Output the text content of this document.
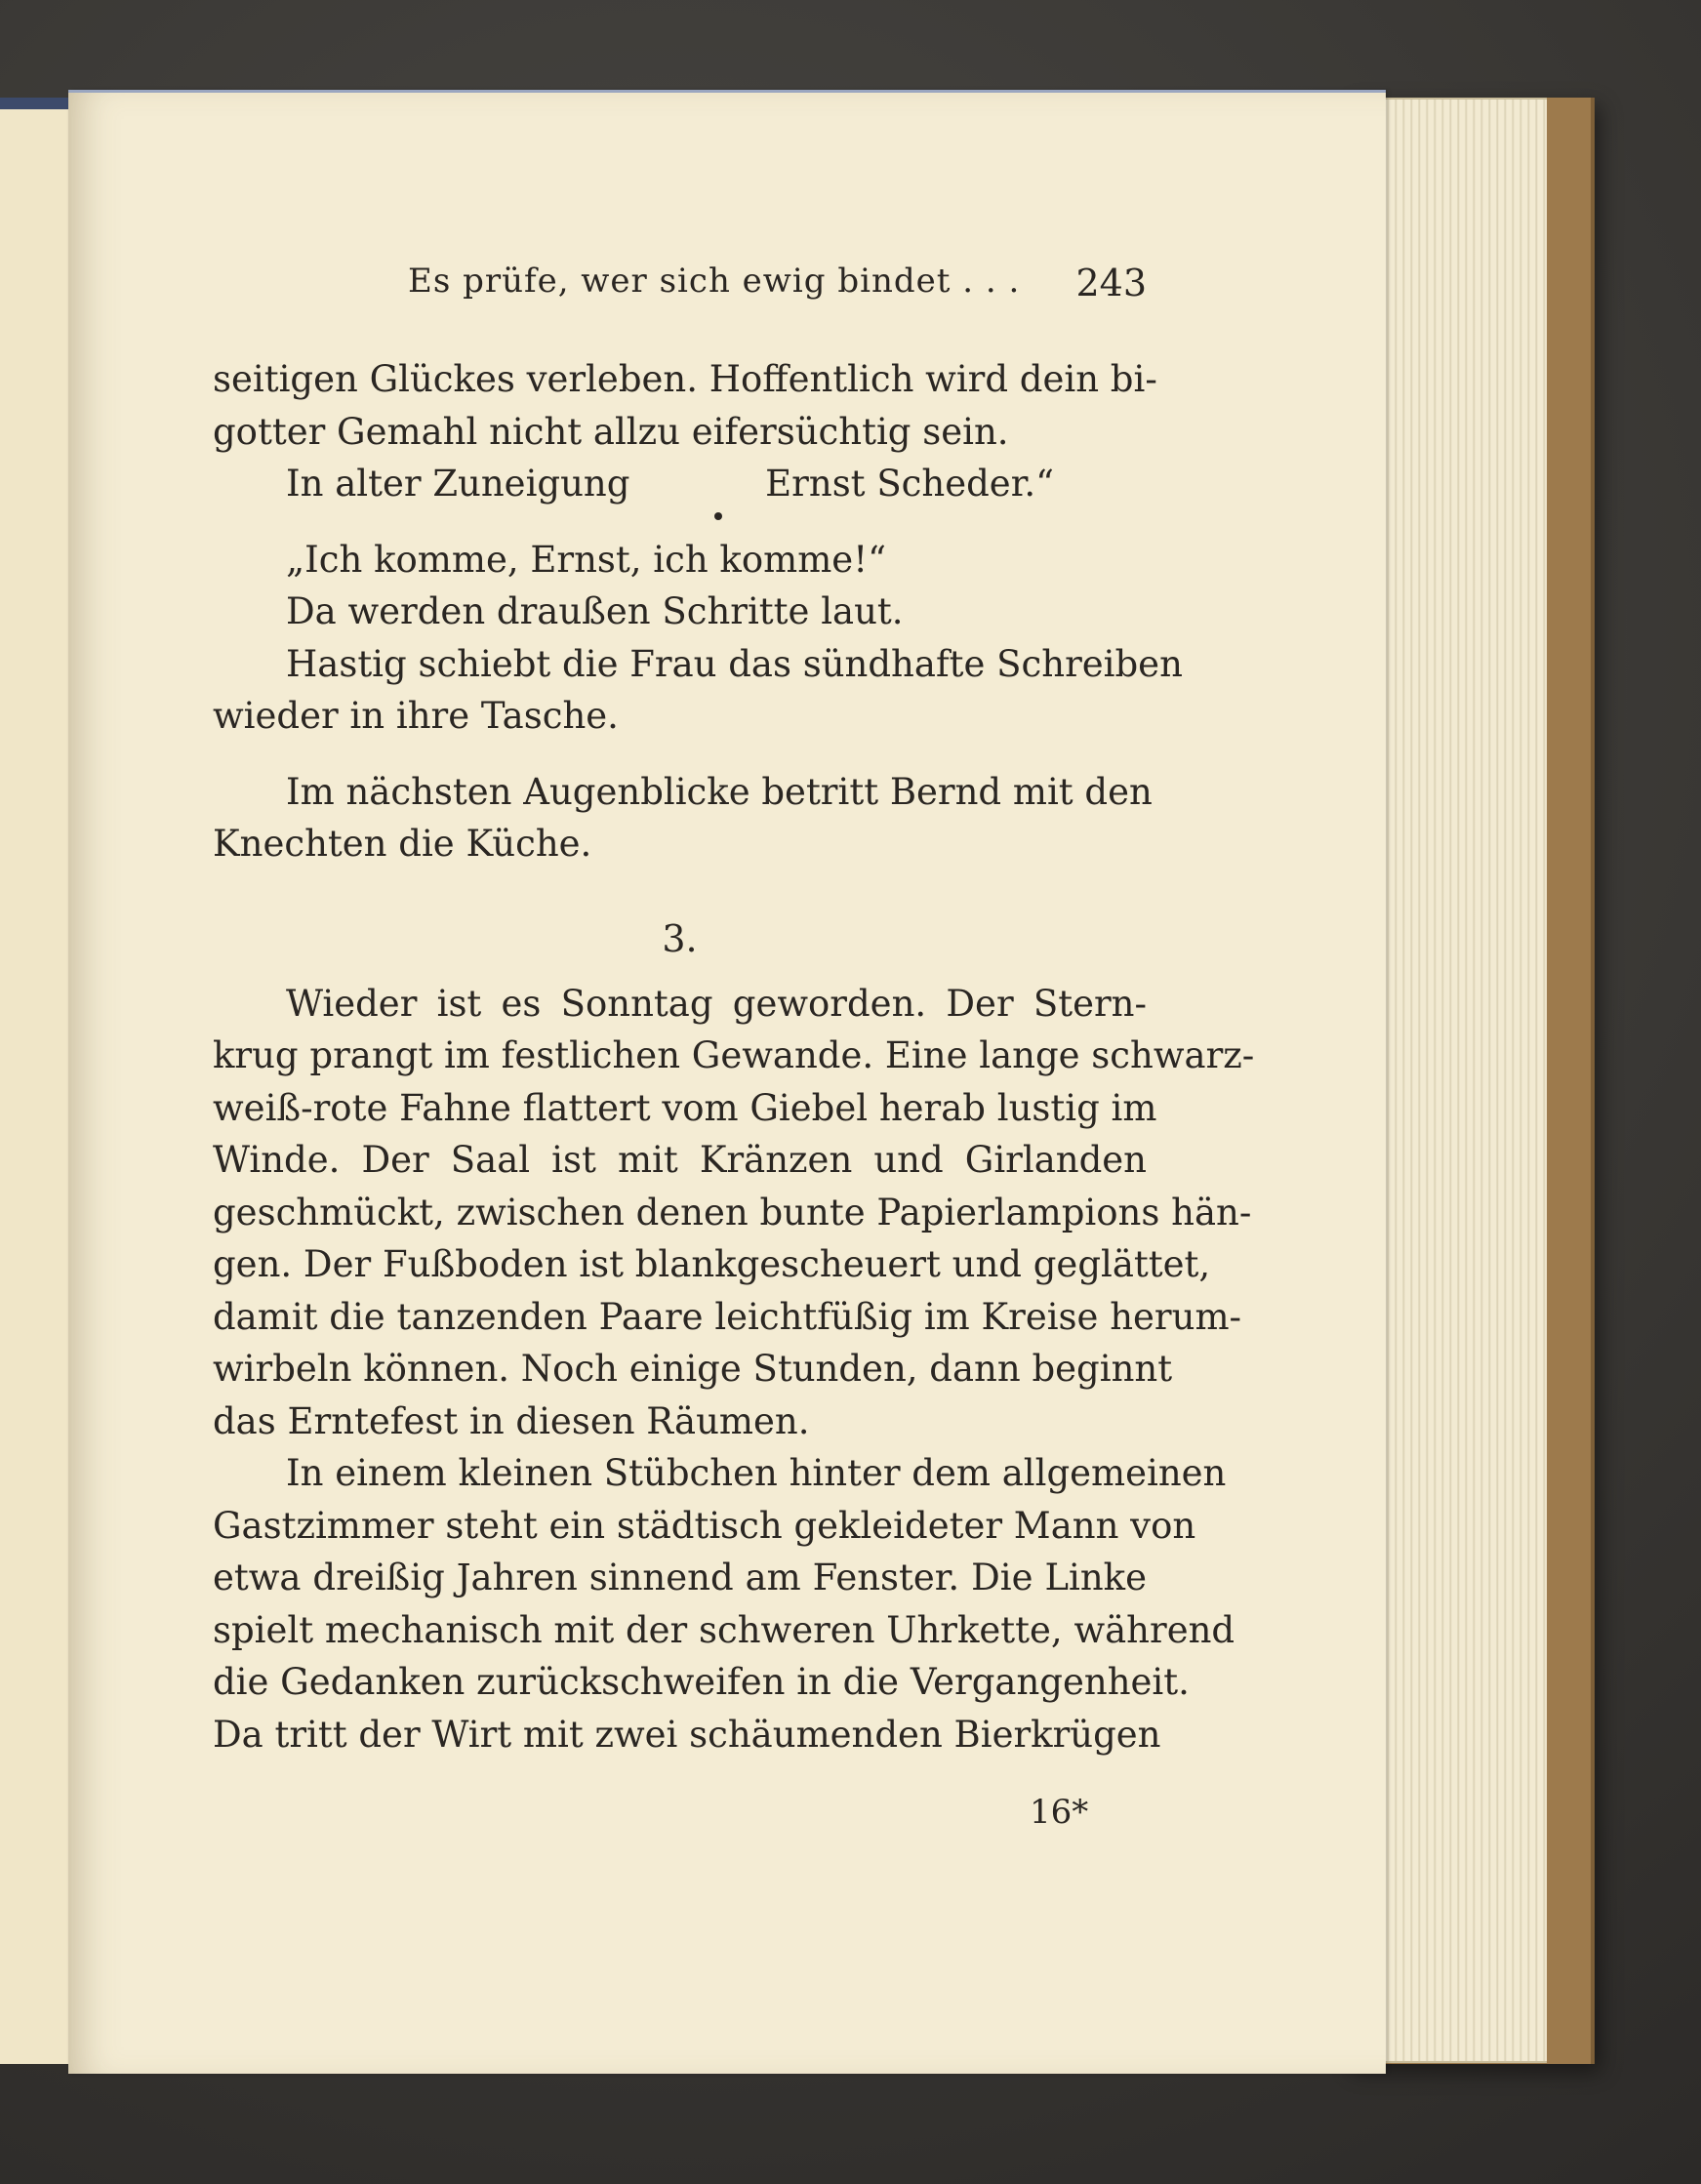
Es prüfe, wer sich ewig bindet . . . 243
seitigen Glückes verleben. Hoffentlich wird dein bi-
gotter Gemahl nicht allzu eifersüchtig sein.
In alter Zuneigung	Ernst Scheder.“
„Ich komme, Ernst, ich komme!“
Da werden draußen Schritte laut.
Hastig schiebt die Frau das sündhafte Schreiben
wieder in ihre Tasche.
Im nächsten Augenblicke betritt Bernd mit den
Knechten die Küche.
3.
Wieder ist es Sonntag geworden. Der Stern-
krug prangt im festlichen Gewande. Eine lange schwarz-
weiß-rote Fahne flattert vom Giebel herab lustig im
Winde. Der Saal ist mit Kränzen und Girlanden
geschmückt, zwischen denen bunte Papierlampions hän-
gen. Der Fußboden ist blankgescheuert und geglättet,
damit die tanzenden Paare leichtfüßig im Kreise herum-
wirbeln können. Noch einige Stunden, dann beginnt
das Erntefest in diesen Räumen.
In einem kleinen Stübchen hinter dem allgemeinen
Gastzimmer steht ein städtisch gekleideter Mann von
etwa dreißig Jahren sinnend am Fenster. Die Linke
spielt mechanisch mit der schweren Uhrkette, während
die Gedanken zurückschweifen in die Vergangenheit.
Da tritt der Wirt mit zwei schäumenden Bierkrügen
16*
